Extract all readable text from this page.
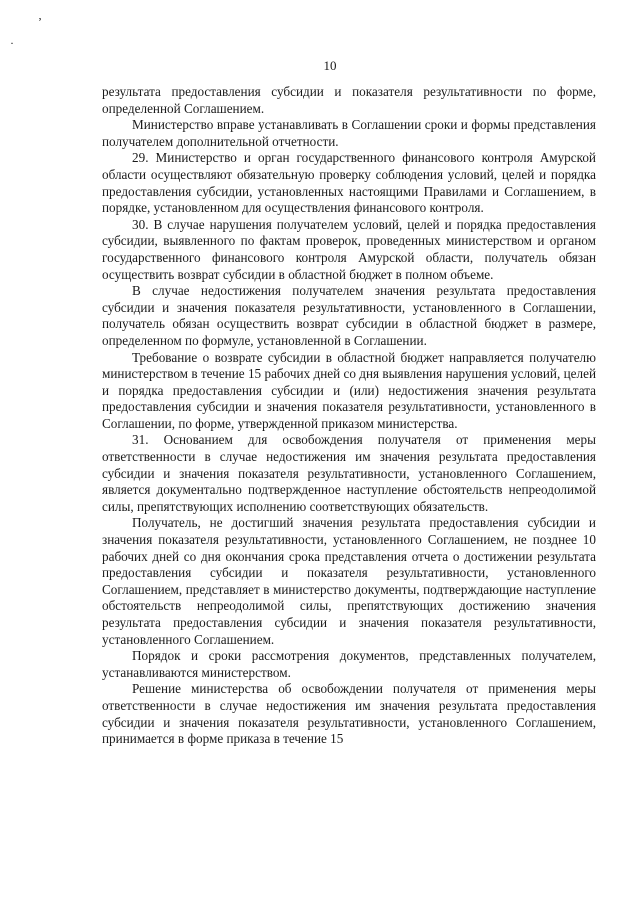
‚
·
10

результата предоставления субсидии и показателя результативности по форме, определенной Соглашением.

Министерство вправе устанавливать в Соглашении сроки и формы представления получателем дополнительной отчетности.

29. Министерство и орган государственного финансового контроля Амурской области осуществляют обязательную проверку соблюдения условий, целей и порядка предоставления субсидии, установленных настоящими Правилами и Соглашением, в порядке, установленном для осуществления финансового контроля.

30. В случае нарушения получателем условий, целей и порядка предоставления субсидии, выявленного по фактам проверок, проведенных министерством и органом государственного финансового контроля Амурской области, получатель обязан осуществить возврат субсидии в областной бюджет в полном объеме.

В случае недостижения получателем значения результата предоставления субсидии и значения показателя результативности, установленного в Соглашении, получатель обязан осуществить возврат субсидии в областной бюджет в размере, определенном по формуле, установленной в Соглашении.

Требование о возврате субсидии в областной бюджет направляется получателю министерством в течение 15 рабочих дней со дня выявления нарушения условий, целей и порядка предоставления субсидии и (или) недостижения значения результата предоставления субсидии и значения показателя результативности, установленного в Соглашении, по форме, утвержденной приказом министерства.

31. Основанием для освобождения получателя от применения меры ответственности в случае недостижения им значения результата предоставления субсидии и значения показателя результативности, установленного Соглашением, является документально подтвержденное наступление обстоятельств непреодолимой силы, препятствующих исполнению соответствующих обязательств.

Получатель, не достигший значения результата предоставления субсидии и значения показателя результативности, установленного Соглашением, не позднее 10 рабочих дней со дня окончания срока представления отчета о достижении результата предоставления субсидии и показателя результативности, установленного Соглашением, представляет в министерство документы, подтверждающие наступление обстоятельств непреодолимой силы, препятствующих достижению значения результата предоставления субсидии и значения показателя результативности, установленного Соглашением.

Порядок и сроки рассмотрения документов, представленных получателем, устанавливаются министерством.

Решение министерства об освобождении получателя от применения меры ответственности в случае недостижения им значения результата предоставления субсидии и значения показателя результативности, установленного Соглашением, принимается в форме приказа в течение 15
